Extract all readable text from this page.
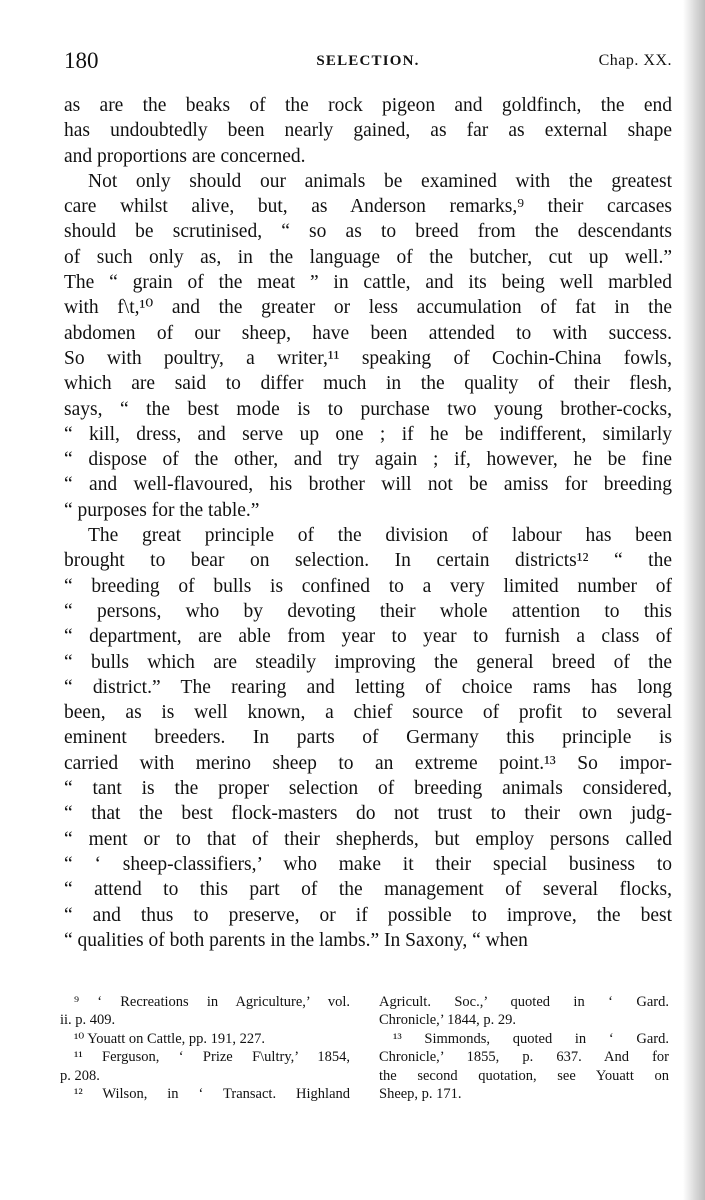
180	SELECTION.	Chap. XX.
as are the beaks of the rock pigeon and goldfinch, the end
has undoubtedly been nearly gained, as far as external shape
and proportions are concerned.
Not only should our animals be examined with the greatest
care whilst alive, but, as Anderson remarks,⁹ their carcases
should be scrutinised, “ so as to breed from the descendants
of such only as, in the language of the butcher, cut up well.”
The “ grain of the meat ” in cattle, and its being well marbled
with f\t,¹⁰ and the greater or less accumulation of fat in the
abdomen of our sheep, have been attended to with success.
So with poultry, a writer,¹¹ speaking of Cochin-China fowls,
which are said to differ much in the quality of their flesh,
says, “ the best mode is to purchase two young brother-cocks,
“ kill, dress, and serve up one ; if he be indifferent, similarly
“ dispose of the other, and try again ; if, however, he be fine
“ and well-flavoured, his brother will not be amiss for breeding
“ purposes for the table.”
The great principle of the division of labour has been
brought to bear on selection. In certain districts¹² “ the
“ breeding of bulls is confined to a very limited number of
“ persons, who by devoting their whole attention to this
“ department, are able from year to year to furnish a class of
“ bulls which are steadily improving the general breed of the
“ district.” The rearing and letting of choice rams has long
been, as is well known, a chief source of profit to several
eminent breeders. In parts of Germany this principle is
carried with merino sheep to an extreme point.¹³ So impor-
“ tant is the proper selection of breeding animals considered,
“ that the best flock-masters do not trust to their own judg-
“ ment or to that of their shepherds, but employ persons called
“ ‘ sheep-classifiers,’ who make it their special business to
“ attend to this part of the management of several flocks,
“ and thus to preserve, or if possible to improve, the best
“ qualities of both parents in the lambs.” In Saxony, “ when
⁹ ‘ Recreations in Agriculture,’ vol.
ii. p. 409.
¹⁰ Youatt on Cattle, pp. 191, 227.
¹¹ Ferguson, ‘ Prize F\ultry,’ 1854,
p. 208.
¹² Wilson, in ‘ Transact. Highland
Agricult. Soc.,’ quoted in ‘ Gard.
Chronicle,’ 1844, p. 29.
¹³ Simmonds, quoted in ‘ Gard.
Chronicle,’ 1855, p. 637. And for
the second quotation, see Youatt on
Sheep, p. 171.
